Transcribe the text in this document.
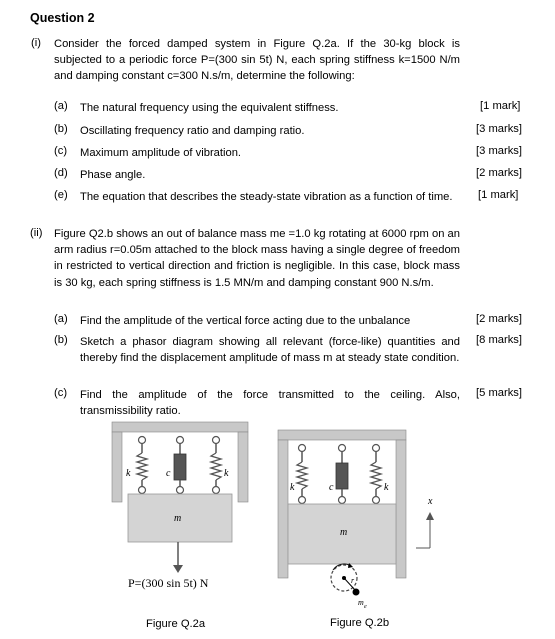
Question 2
(i) Consider the forced damped system in Figure Q.2a. If the 30-kg block is subjected to a periodic force P=(300 sin 5t) N, each spring stiffness k=1500 N/m and damping constant c=300 N.s/m, determine the following:
(a) The natural frequency using the equivalent stiffness.	[1 mark]
(b) Oscillating frequency ratio and damping ratio.	[3 marks]
(c) Maximum amplitude of vibration.	[3 marks]
(d) Phase angle.	[2 marks]
(e) The equation that describes the steady-state vibration as a function of time.	[1 mark]
(ii) Figure Q2.b shows an out of balance mass me =1.0 kg rotating at 6000 rpm on an arm radius r=0.05m attached to the block mass having a single degree of freedom in restricted to vertical direction and friction is negligible. In this case, block mass is 30 kg, each spring stiffness is 1.5 MN/m and damping constant 900 N.s/m.
(a) Find the amplitude of the vertical force acting due to the unbalance	[2 marks]
(b) Sketch a phasor diagram showing all relevant (force-like) quantities and thereby find the displacement amplitude of mass m at steady state condition.
[8 marks]
(c) Find the amplitude of the force transmitted to the ceiling. Also, transmissibility ratio.
[5 marks]
k	c	k
m
P=(300 sin 5t) N
Figure Q.2a
k	c	k
m
r
m e
x
Figure Q.2b
